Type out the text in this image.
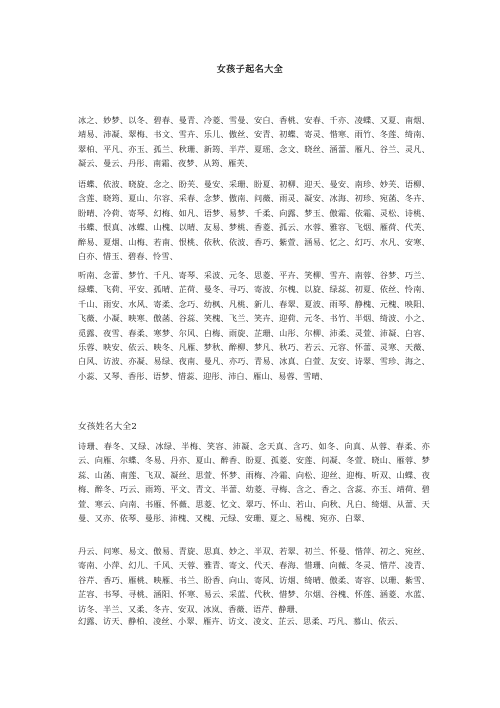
女孩子起名大全
冰之、妙梦、以冬、碧春、曼青、冷菱、雪曼、安白、香桃、安春、千亦、凌蝶、又夏、南烟、靖易、沛凝、翠梅、书文、雪卉、乐儿、傲丝、安青、初蝶、寄灵、惜寒、雨竹、冬莲、绮南、翠柏、平凡、亦玉、孤兰、秋珊、新筠、半芹、夏瑶、念文、晓丝、涵蕾、雁凡、谷兰、灵凡、凝云、曼云、丹彤、南霜、夜梦、从筠、雁芙、
语蝶、依波、晓旋、念之、盼芙、曼安、采珊、盼夏、初柳、迎天、曼安、南珍、妙芙、语柳、含莲、晓筠、夏山、尔容、采春、念梦、傲南、问薇、雨灵、凝安、冰海、初珍、宛菡、冬卉、盼晴、冷荷、寄琴、幻梅、如凡、语梦、易梦、千柔、向露、梦玉、傲霜、依霜、灵松、诗桃、书蝶、恨真、冰蝶、山槐、以晴、友易、梦桃、香菱、孤云、水蓉、雅容、飞烟、雁荷、代芙、醉易、夏烟、山梅、若南、恨桃、依秋、依波、香巧、紫萱、涵易、忆之、幻巧、水凡、安寒、白亦、惜玉、碧春、怜雪、
听南、念蕾、梦竹、千凡、寄琴、采波、元冬、思菱、平卉、笑柳、雪卉、南蓉、谷梦、巧兰、绿蝶、飞荷、平安、孤晴、芷荷、曼冬、寻巧、寄波、尔槐、以旋、绿蕊、初夏、依丝、怜南、千山、雨安、水风、寄柔、念巧、幼枫、凡桃、新儿、春翠、夏波、雨琴、静槐、元槐、映阳、飞薇、小凝、映寒、傲菡、谷蕊、笑槐、飞兰、笑卉、迎荷、元冬、书竹、半烟、绮波、小之、觅露、夜雪、春柔、寒梦、尔风、白梅、雨旋、芷珊、山彤、尔柳、沛柔、灵萱、沛凝、白容、乐蓉、映安、依云、映冬、凡雁、梦秋、醉柳、梦凡、秋巧、若云、元容、怀蕾、灵寒、天薇、白风、访波、亦凝、易绿、夜南、曼凡、亦巧、青易、冰真、白萱、友安、诗翠、雪珍、海之、小蕊、又琴、香彤、语梦、惜蕊、迎彤、沛白、雁山、易蓉、雪晴、
女孩姓名大全2
诗珊、春冬、又绿、冰绿、半梅、笑容、沛凝、念天真、含巧、如冬、向真、从蓉、春柔、亦云、向雁、尔蝶、冬易、丹亦、夏山、醉香、盼夏、孤菱、安莲、问凝、冬萱、晓山、雁蓉、梦蕊、山菡、南莲、飞双、凝丝、思萱、怀梦、雨梅、冷霜、向松、迎丝、迎梅、听双、山蝶、夜梅、醉冬、巧云、雨筠、平文、青文、半蕾、幼菱、寻梅、含之、香之、含蕊、亦玉、靖荷、碧萱、寒云、向南、书雁、怀薇、思菱、忆文、翠巧、怀山、若山、向秋、凡白、绮烟、从蕾、天曼、又亦、依琴、曼彤、沛槐、又槐、元绿、安珊、夏之、易槐、宛亦、白翠、
丹云、问寒、易文、傲易、青旋、思真、妙之、半双、若翠、初兰、怀曼、惜萍、初之、宛丝、寄南、小萍、幻儿、千风、天蓉、雅青、寄文、代天、春海、惜珊、向薇、冬灵、惜芹、凌青、谷芹、香巧、雁桃、映雁、书兰、盼香、向山、寄风、访烟、绮晴、傲柔、寄容、以珊、紫雪、芷容、书琴、寻桃、涵阳、怀寒、易云、采蓝、代秋、惜梦、尔烟、谷槐、怀莲、涵菱、水蓝、访冬、半兰、又柔、冬卉、安双、冰岚、香薇、语芹、静珊、
幻露、访天、静柏、凌丝、小翠、雁卉、访文、凌文、芷云、思柔、巧凡、慕山、依云、
